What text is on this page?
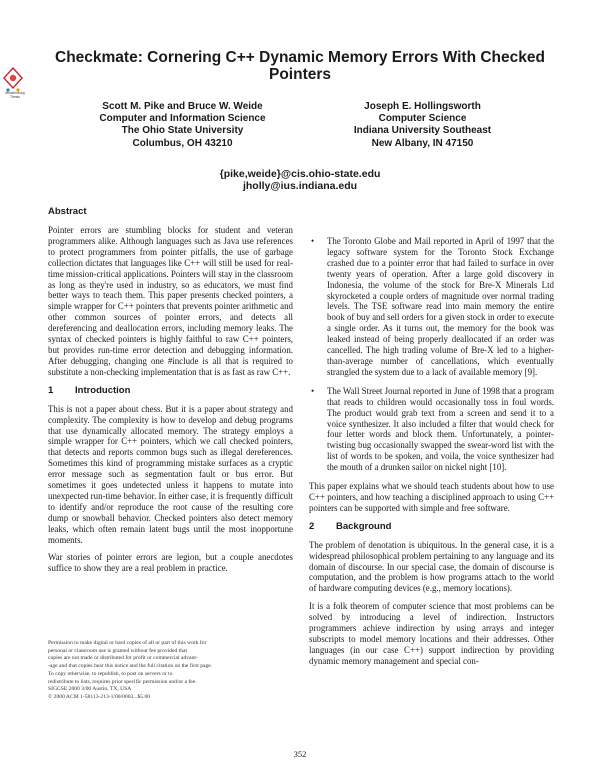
Mecklenburg Thesis
Checkmate: Cornering C++ Dynamic Memory Errors With Checked Pointers
Scott M. Pike and Bruce W. Weide
Computer and Information Science
The Ohio State University
Columbus, OH 43210
Joseph E. Hollingsworth
Computer Science
Indiana University Southeast
New Albany, IN 47150
{pike,weide}@cis.ohio-state.edu
jholly@ius.indiana.edu
Abstract

Pointer errors are stumbling blocks for student and veteran programmers alike. Although languages such as Java use references to protect programmers from pointer pitfalls, the use of garbage collection dictates that languages like C++ will still be used for real-time mission-critical applications. Pointers will stay in the classroom as long as they're used in industry, so as educators, we must find better ways to teach them. This paper presents checked pointers, a simple wrapper for C++ pointers that prevents pointer arithmetic and other common sources of pointer errors, and detects all dereferencing and deallocation errors, including memory leaks. The syntax of checked pointers is highly faithful to raw C++ pointers, but provides run-time error detection and debugging information. After debugging, changing one #include is all that is required to substitute a non-checking implementation that is as fast as raw C++.

1 Introduction

This is not a paper about chess. But it is a paper about strategy and complexity. The complexity is how to develop and debug programs that use dynamically allocated memory. The strategy employs a simple wrapper for C++ pointers, which we call checked pointers, that detects and reports common bugs such as illegal dereferences. Sometimes this kind of programming mistake surfaces as a cryptic error message such as segmentation fault or bus error. But sometimes it goes undetected unless it happens to mutate into unexpected run-time behavior. In either case, it is frequently difficult to identify and/or reproduce the root cause of the resulting core dump or snowball behavior. Checked pointers also detect memory leaks, which often remain latent bugs until the most inopportune moments.

War stories of pointer errors are legion, but a couple anecdotes suffice to show they are a real problem in practice.

Permission to make digital or hard copies of all or part of this work for
personal or classroom use is granted without fee provided that
copies are not made or distributed for profit or commercial advant-
-age and that copies bear this notice and the full citation on the first page.
To copy otherwise, to republish, to post on servers or to
redistribute to lists, requires prior specific permission and/or a fee.
SIGCSE 2000 3/00 Austin, TX, USA
© 2000 ACM 1-58113-213-1/00/0003...$5.00
• The Toronto Globe and Mail reported in April of 1997 that the legacy software system for the Toronto Stock Exchange crashed due to a pointer error that had failed to surface in over twenty years of operation. After a large gold discovery in Indonesia, the volume of the stock for Bre-X Minerals Ltd skyrocketed a couple orders of magnitude over normal trading levels. The TSE software read into main memory the entire book of buy and sell orders for a given stock in order to execute a single order. As it turns out, the memory for the book was leaked instead of being properly deallocated if an order was cancelled. The high trading volume of Bre-X led to a higher-than-average number of cancellations, which eventually strangled the system due to a lack of available memory [9].
• The Wall Street Journal reported in June of 1998 that a program that reads to children would occasionally toss in foul words. The product would grab text from a screen and send it to a voice synthesizer. It also included a filter that would check for four letter words and block them. Unfortunately, a pointer-twisting bug occasionally swapped the swear-word list with the list of words to be spoken, and voila, the voice synthesizer had the mouth of a drunken sailor on nickel night [10].

This paper explains what we should teach students about how to use C++ pointers, and how teaching a disciplined approach to using C++ pointers can be supported with simple and free software.

2 Background

The problem of denotation is ubiquitous. In the general case, it is a widespread philosophical problem pertaining to any language and its domain of discourse. In our special case, the domain of discourse is computation, and the problem is how programs attach to the world of hardware computing devices (e.g., memory locations).

It is a folk theorem of computer science that most problems can be solved by introducing a level of indirection. Instructors programmers achieve indirection by using arrays and integer subscripts to model memory locations and their addresses. Other languages (in our case C++) support indirection by providing dynamic memory management and special con-

352
